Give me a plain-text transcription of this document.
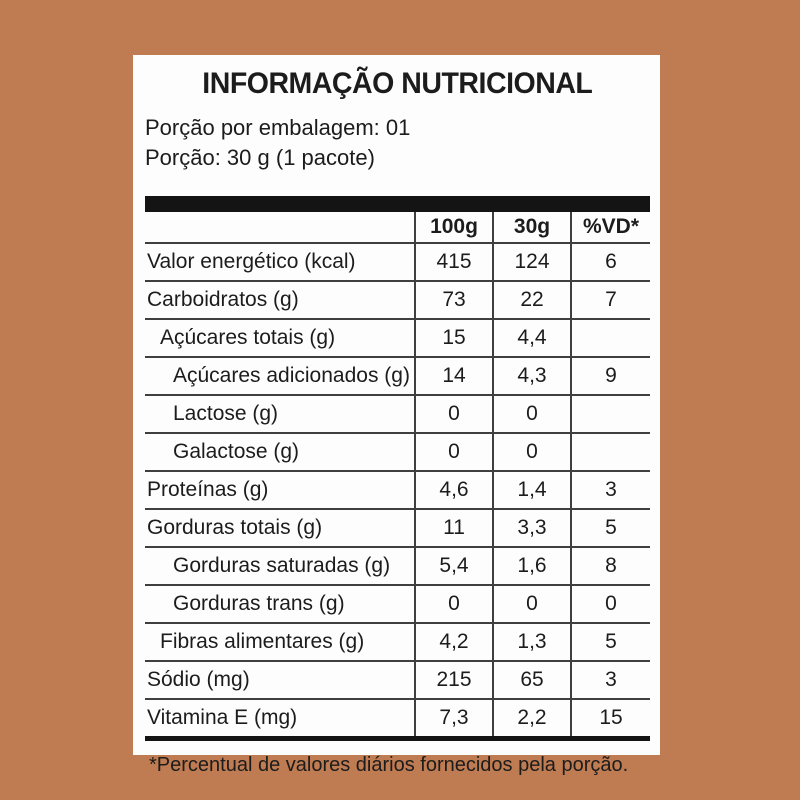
INFORMAÇÃO NUTRICIONAL
Porção por embalagem: 01
Porção: 30 g (1 pacote)
	100g	30g	%VD*
Valor energético (kcal)	415	124	6
Carboidratos (g)	73	22	7
Açúcares totais (g)	15	4,4	
Açúcares adicionados (g)	14	4,3	9
Lactose (g)	0	0	
Galactose (g)	0	0	
Proteínas (g)	4,6	1,4	3
Gorduras totais (g)	11	3,3	5
Gorduras saturadas (g)	5,4	1,6	8
Gorduras trans (g)	0	0	0
Fibras alimentares (g)	4,2	1,3	5
Sódio (mg)	215	65	3
Vitamina E (mg)	7,3	2,2	15
*Percentual de valores diários fornecidos pela porção.
